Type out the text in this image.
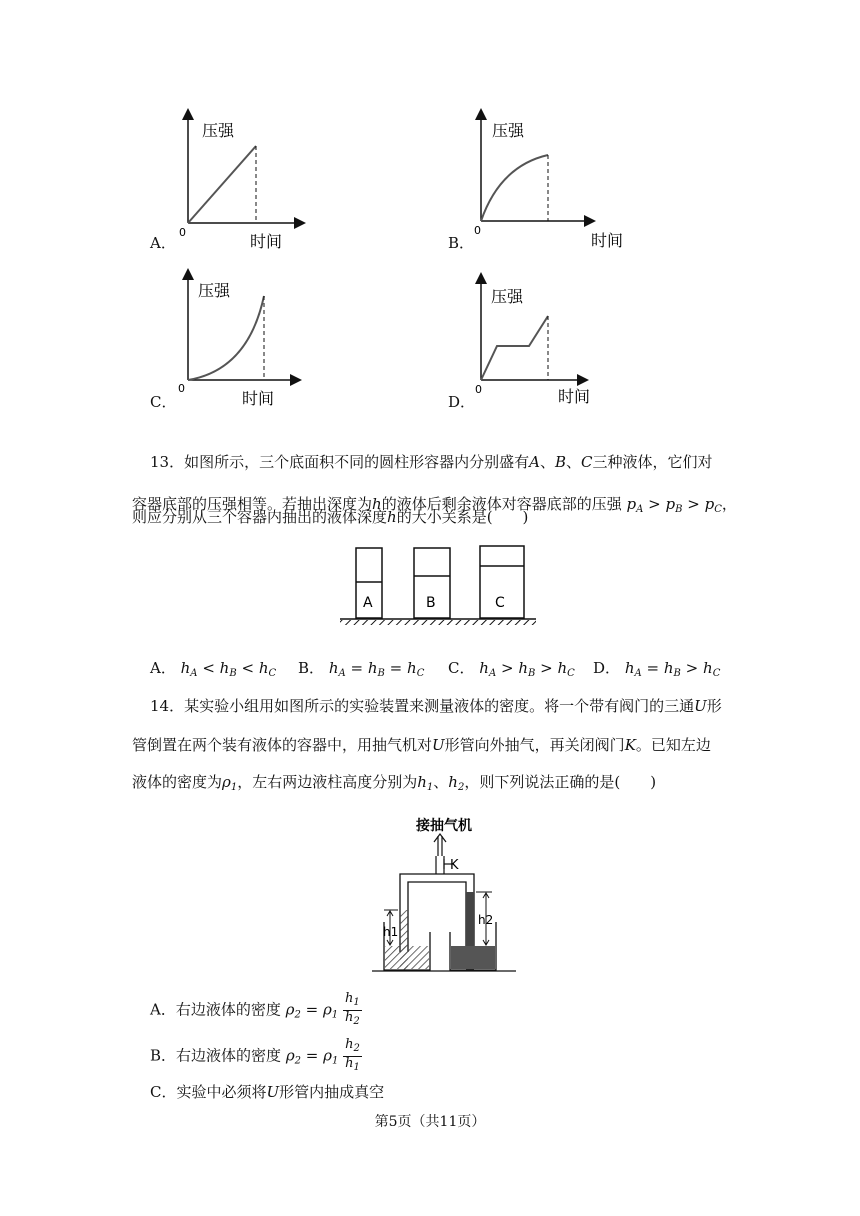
压强
时间
0
压强
时间
0
压强
时间
0
压强
时间
0
A．	B．
C．	D．
13．如图所示，三个底面积不同的圆柱形容器内分别盛有A、B、C三种液体，它们对
容器底部的压强相等。若抽出深度为h的液体后剩余液体对容器底部的压强 $p_A > p_B > p_C$，
则应分别从三个容器内抽出的液体深度h的大小关系是(　　)
A	B	C
A． $h_A < h_B < h_C$ B． $h_A = h_B = h_C$ C． $h_A > h_B > h_C$ D． $h_A = h_B > h_C$
14．某实验小组用如图所示的实验装置来测量液体的密度。将一个带有阀门的三通U形
管倒置在两个装有液体的容器中，用抽气机对U形管向外抽气，再关闭阀门K。已知左边
液体的密度为$\rho_1$，左右两边液柱高度分别为$h_1$、$h_2$，则下列说法正确的是(　　)
接抽气机
K
h1
h2
A．右边液体的密度 $\rho_2 = \rho_1 \frac{h_1}{h_2}$
B．右边液体的密度 $\rho_2 = \rho_1 \frac{h_2}{h_1}$
C．实验中必须将U形管内抽成真空
第5页（共11页）
